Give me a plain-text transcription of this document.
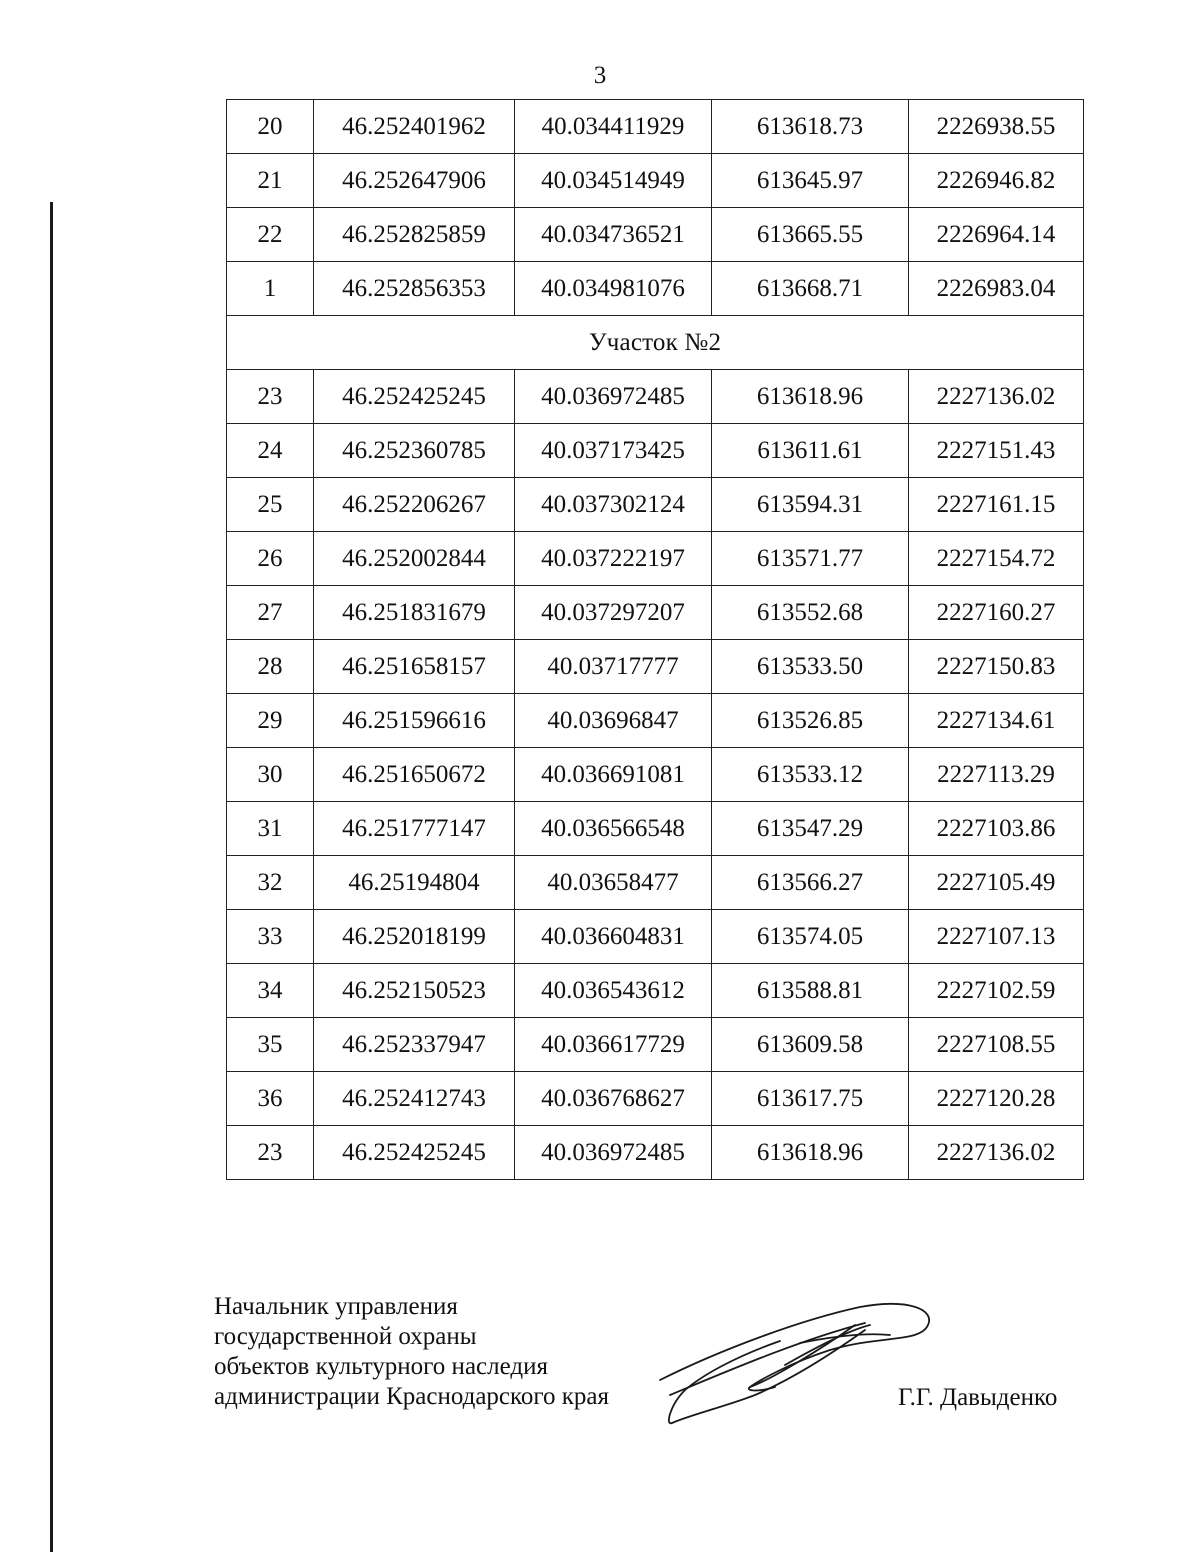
3
20	46.252401962	40.034411929	613618.73	2226938.55
21	46.252647906	40.034514949	613645.97	2226946.82
22	46.252825859	40.034736521	613665.55	2226964.14
1	46.252856353	40.034981076	613668.71	2226983.04
Участок №2				
23	46.252425245	40.036972485	613618.96	2227136.02
24	46.252360785	40.037173425	613611.61	2227151.43
25	46.252206267	40.037302124	613594.31	2227161.15
26	46.252002844	40.037222197	613571.77	2227154.72
27	46.251831679	40.037297207	613552.68	2227160.27
28	46.251658157	40.03717777	613533.50	2227150.83
29	46.251596616	40.03696847	613526.85	2227134.61
30	46.251650672	40.036691081	613533.12	2227113.29
31	46.251777147	40.036566548	613547.29	2227103.86
32	46.25194804	40.03658477	613566.27	2227105.49
33	46.252018199	40.036604831	613574.05	2227107.13
34	46.252150523	40.036543612	613588.81	2227102.59
35	46.252337947	40.036617729	613609.58	2227108.55
36	46.252412743	40.036768627	613617.75	2227120.28
23	46.252425245	40.036972485	613618.96	2227136.02
Начальник управления
государственной охраны
объектов культурного наследия
администрации Краснодарского края	Г.Г. Давыденко
